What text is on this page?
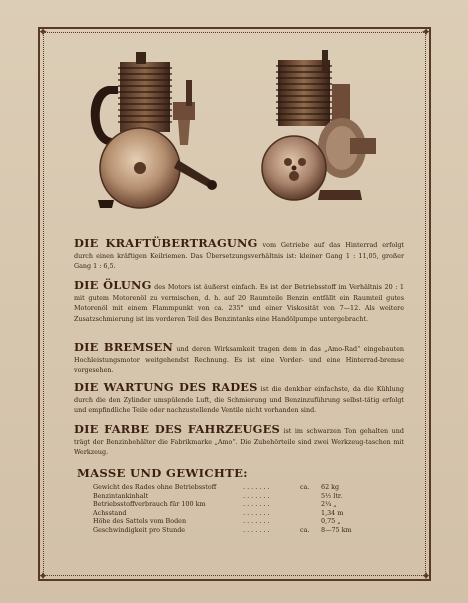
✦	✦
✦	✦
DIE KRAFTÜBERTRAGUNG vom Getriebe auf das Hinterrad erfolgt durch einen kräftigen Keilriemen. Das Übersetzungsverhältnis ist: kleiner Gang 1 : 11,05, großer Gang 1 : 6,5.
DIE ÖLUNG des Motors ist äußerst einfach. Es ist der Betriebsstoff im Verhältnis 20 : 1 mit gutem Motorenöl zu vermischen, d. h. auf 20 Raumteile Benzin entfällt ein Raumteil gutes Motorenöl mit einem Flammpunkt von ca. 235° und einer Viskosität von 7—12. Als weitere Zusatzschmierung ist im vorderen Teil des Benzintanks eine Handölpumpe untergebracht.
DIE BREMSEN und deren Wirksamkeit tragen dem in das „Amo-Rad“ eingebauten Hochleistungsmotor weitgehendst Rechnung. Es ist eine Vorder- und eine Hinterrad-bremse vorgesehen.
DIE WARTUNG DES RADES ist die denkbar einfachste, da die Kühlung durch die den Zylinder umspülende Luft, die Schmierung und Benzinzuführung selbst-tätig erfolgt und empfindliche Teile oder nachzustellende Ventile nicht vorhanden sind.
DIE FARBE DES FAHRZEUGES ist im schwarzen Ton gehalten und trägt der Benzinbehälter die Fabrikmarke „Amo“. Die Zubehörteile sind zwei Werkzeug-taschen mit Werkzeug.
MASSE UND GEWICHTE:
Gewicht des Rades ohne Betriebsstoff	. . . . . . .	ca. 62 kg
Benzintankinhalt	. . . . . . .	5½ ltr.
Betriebsstoffverbrauch für 100 km	. . . . . . .	2¼ „
Achsstand	. . . . . . .	1,34 m
Höhe des Sattels vom Boden	. . . . . . .	0,75 „
Geschwindigkeit pro Stunde	. . . . . . .	ca. 8—75 km
